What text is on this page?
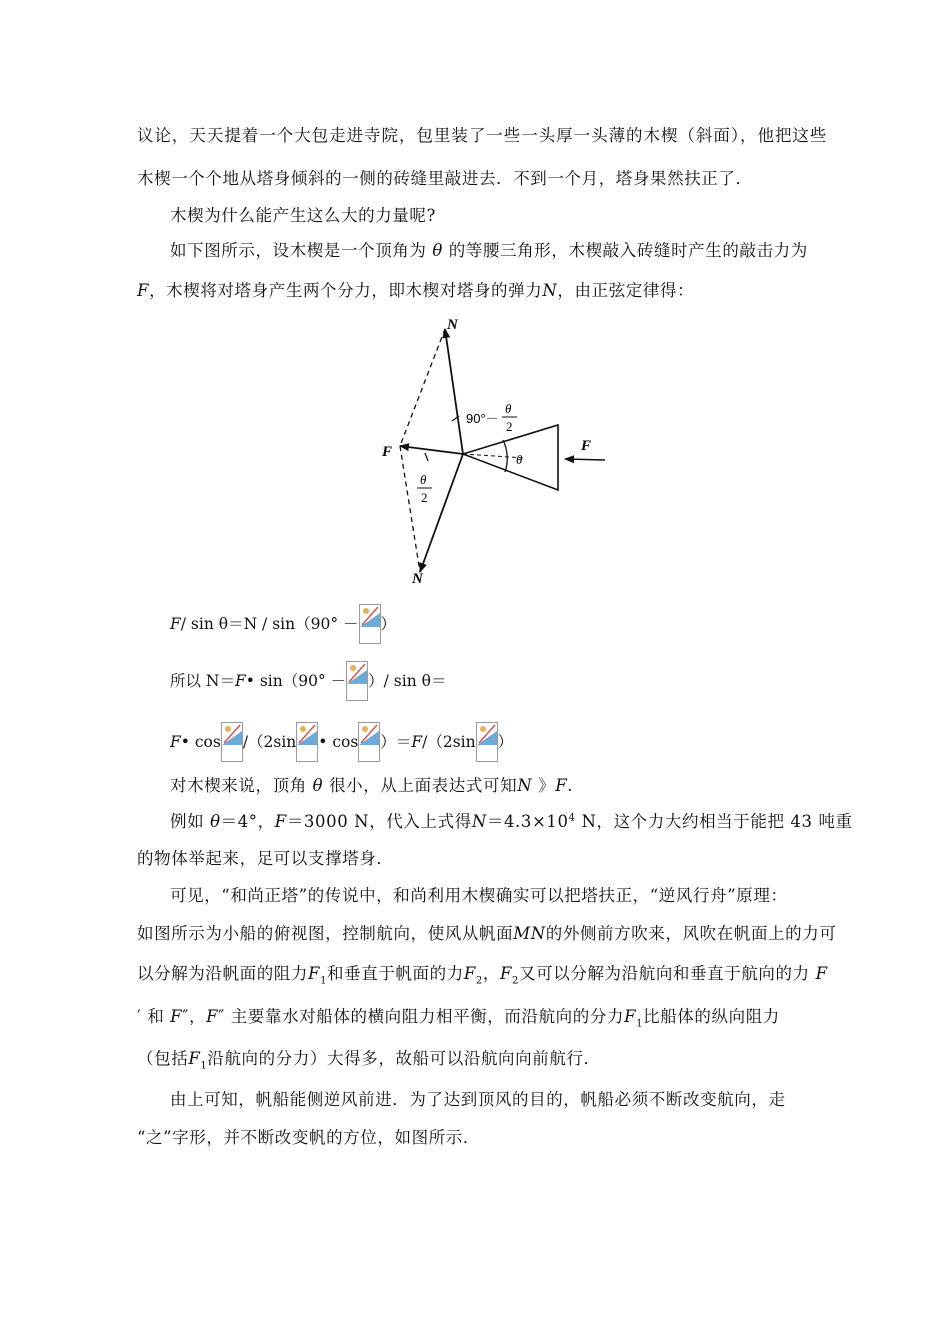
议论，天天提着一个大包走进寺院，包里装了一些一头厚一头薄的木楔（斜面），他把这些
木楔一个个地从塔身倾斜的一侧的砖缝里敲进去．不到一个月，塔身果然扶正了．
木楔为什么能产生这么大的力量呢?
如下图所示，设木楔是一个顶角为 θ 的等腰三角形，木楔敲入砖缝时产生的敲击力为
F，木楔将对塔身产生两个分力，即木楔对塔身的弹力N，由正弦定律得：
N
N
F	F
90°－
θ
2
θ
θ
2
F/ sin θ＝N / sin（90° － ）
所以 N＝F• sin（90° － ）/ sin θ＝
F• cos /（2sin • cos ）＝F/（2sin ）
对木楔来说，顶角 θ 很小，从上面表达式可知N 》F.
例如 θ＝4°，F＝3000 N，代入上式得$N=4.3\times 10^4$ N，这个力大约相当于能把 43 吨重
的物体举起来，足可以支撑塔身．
可见，“和尚正塔”的传说中，和尚利用木楔确实可以把塔扶正，“逆风行舟”原理：
如图所示为小船的俯视图，控制航向，使风从帆面MN的外侧前方吹来，风吹在帆面上的力可
以分解为沿帆面的阻力$F_1$和垂直于帆面的力$F_2$，$F_2$又可以分解为沿航向和垂直于航向的力 F
′ 和 F″，F″ 主要靠水对船体的横向阻力相平衡，而沿航向的分力$F_1$比船体的纵向阻力
（包括$F_1$沿航向的分力）大得多，故船可以沿航向向前航行．
由上可知，帆船能侧逆风前进．为了达到顶风的目的，帆船必须不断改变航向，走
“之”字形，并不断改变帆的方位，如图所示．
